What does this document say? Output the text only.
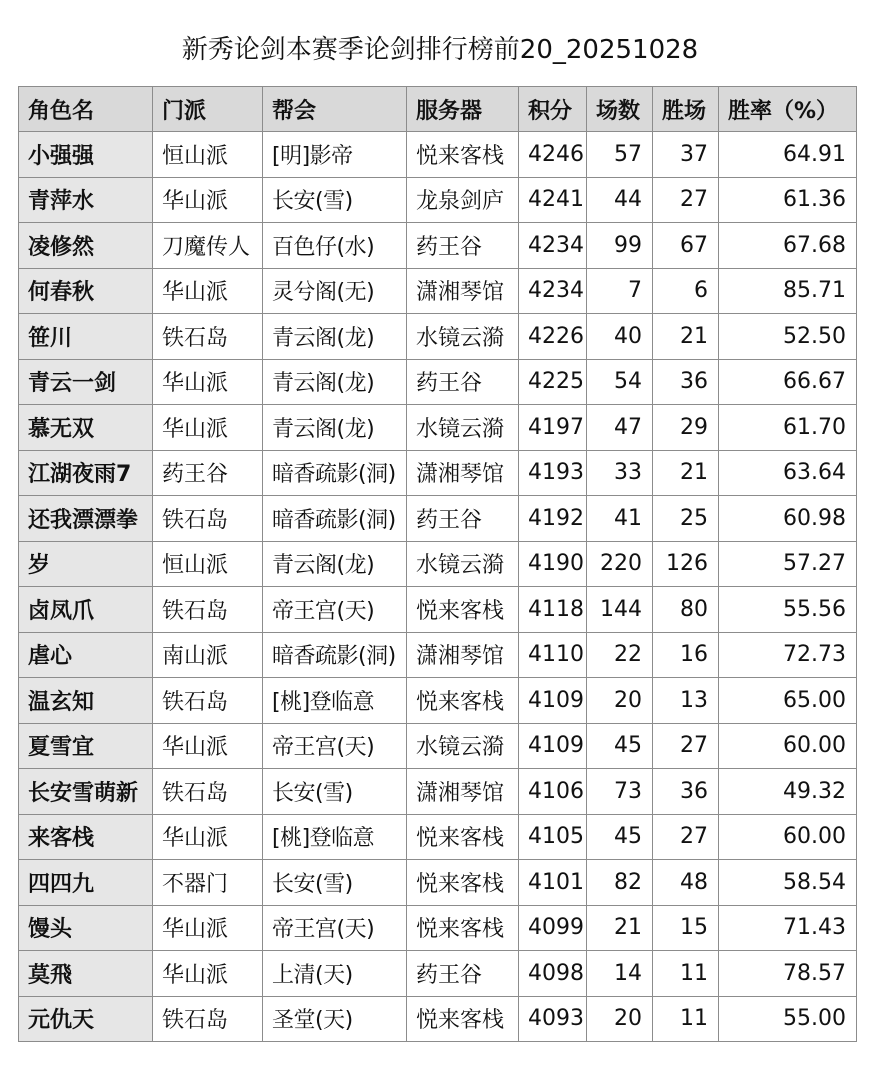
新秀论剑本赛季论剑排行榜前20_20251028
角色名	门派	帮会	服务器	积分	场数	胜场	胜率（%）
小强强	恒山派	[明]影帝	悦来客栈	4246	57	37	64.91
青萍水	华山派	长安(雪)	龙泉剑庐	4241	44	27	61.36
凌修然	刀魔传人	百色仔(水)	药王谷	4234	99	67	67.68
何春秋	华山派	灵兮阁(无)	潇湘琴馆	4234	7	6	85.71
笹川	铁石岛	青云阁(龙)	水镜云漪	4226	40	21	52.50
青云一剑	华山派	青云阁(龙)	药王谷	4225	54	36	66.67
慕无双	华山派	青云阁(龙)	水镜云漪	4197	47	29	61.70
江湖夜雨7	药王谷	暗香疏影(洞)	潇湘琴馆	4193	33	21	63.64
还我漂漂拳	铁石岛	暗香疏影(洞)	药王谷	4192	41	25	60.98
岁	恒山派	青云阁(龙)	水镜云漪	4190	220	126	57.27
卤凤爪	铁石岛	帝王宫(天)	悦来客栈	4118	144	80	55.56
虐心	南山派	暗香疏影(洞)	潇湘琴馆	4110	22	16	72.73
温玄知	铁石岛	[桃]登临意	悦来客栈	4109	20	13	65.00
夏雪宜	华山派	帝王宫(天)	水镜云漪	4109	45	27	60.00
长安雪萌新	铁石岛	长安(雪)	潇湘琴馆	4106	73	36	49.32
来客栈	华山派	[桃]登临意	悦来客栈	4105	45	27	60.00
四四九	不器门	长安(雪)	悦来客栈	4101	82	48	58.54
馒头	华山派	帝王宫(天)	悦来客栈	4099	21	15	71.43
莫飛	华山派	上清(天)	药王谷	4098	14	11	78.57
元仇天	铁石岛	圣堂(天)	悦来客栈	4093	20	11	55.00
